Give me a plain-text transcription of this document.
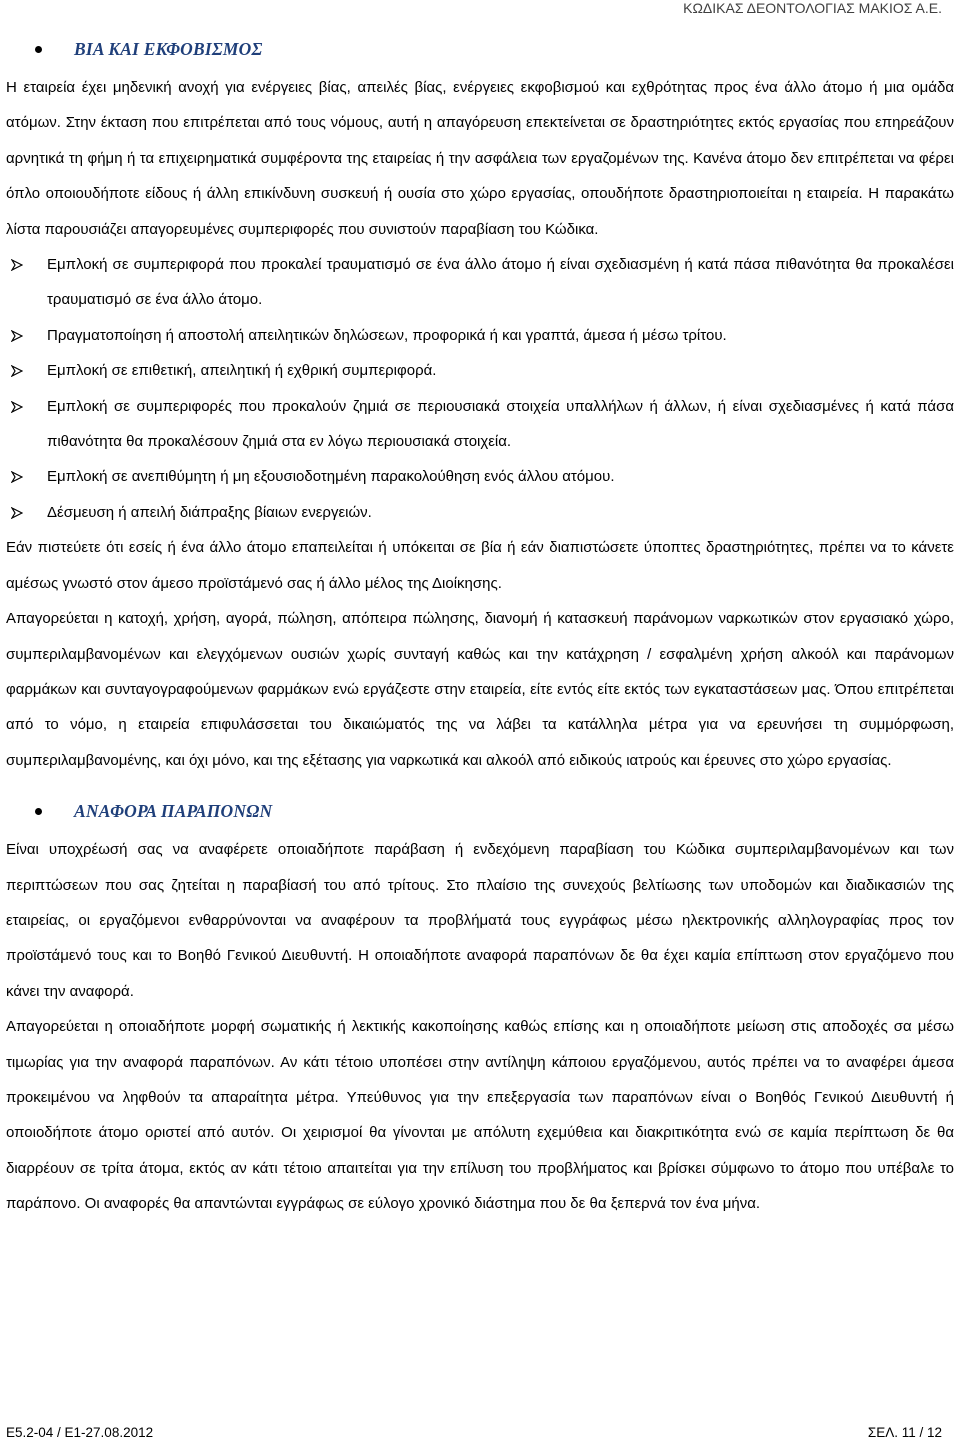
ΚΩΔΙΚΑΣ ΔΕΟΝΤΟΛΟΓΙΑΣ ΜΑΚΙΟΣ Α.Ε.
ΒΙΑ ΚΑΙ ΕΚΦΟΒΙΣΜΟΣ

Η εταιρεία έχει μηδενική ανοχή για ενέργειες βίας, απειλές βίας, ενέργειες εκφοβισμού και εχθρότητας προς ένα άλλο άτομο ή μια ομάδα ατόμων. Στην έκταση που επιτρέπεται από τους νόμους, αυτή η απαγόρευση επεκτείνεται σε δραστηριότητες εκτός εργασίας που επηρεάζουν αρνητικά τη φήμη ή τα επιχειρηματικά συμφέροντα της εταιρείας ή την ασφάλεια των εργαζομένων της. Κανένα άτομο δεν επιτρέπεται να φέρει όπλο οποιουδήποτε είδους ή άλλη επικίνδυνη συσκευή ή ουσία στο χώρο εργασίας, οπουδήποτε δραστηριοποιείται η εταιρεία. Η παρακάτω λίστα παρουσιάζει απαγορευμένες συμπεριφορές που συνιστούν παραβίαση του Κώδικα.

Εμπλοκή σε συμπεριφορά που προκαλεί τραυματισμό σε ένα άλλο άτομο ή είναι σχεδιασμένη ή κατά πάσα πιθανότητα θα προκαλέσει τραυματισμό σε ένα άλλο άτομο.
Πραγματοποίηση ή αποστολή απειλητικών δηλώσεων, προφορικά ή και γραπτά, άμεσα ή μέσω τρίτου.
Εμπλοκή σε επιθετική, απειλητική ή εχθρική συμπεριφορά.
Εμπλοκή σε συμπεριφορές που προκαλούν ζημιά σε περιουσιακά στοιχεία υπαλλήλων ή άλλων, ή είναι σχεδιασμένες ή κατά πάσα πιθανότητα θα προκαλέσουν ζημιά στα εν λόγω περιουσιακά στοιχεία.
Εμπλοκή σε ανεπιθύμητη ή μη εξουσιοδοτημένη παρακολούθηση ενός άλλου ατόμου.
Δέσμευση ή απειλή διάπραξης βίαιων ενεργειών.

Εάν πιστεύετε ότι εσείς ή ένα άλλο άτομο επαπειλείται ή υπόκειται σε βία ή εάν διαπιστώσετε ύποπτες δραστηριότητες, πρέπει να το κάνετε αμέσως γνωστό στον άμεσο προϊστάμενό σας ή άλλο μέλος της Διοίκησης.

Απαγορεύεται η κατοχή, χρήση, αγορά, πώληση, απόπειρα πώλησης, διανομή ή κατασκευή παράνομων ναρκωτικών στον εργασιακό χώρο, συμπεριλαμβανομένων και ελεγχόμενων ουσιών χωρίς συνταγή καθώς και την κατάχρηση / εσφαλμένη χρήση αλκοόλ και παράνομων φαρμάκων και συνταγογραφούμενων φαρμάκων ενώ εργάζεστε στην εταιρεία, είτε εντός είτε εκτός των εγκαταστάσεων μας. Όπου επιτρέπεται από το νόμο, η εταιρεία επιφυλάσσεται του δικαιώματός της να λάβει τα κατάλληλα μέτρα για να ερευνήσει τη συμμόρφωση, συμπεριλαμβανομένης, και όχι μόνο, και της εξέτασης για ναρκωτικά και αλκοόλ από ειδικούς ιατρούς και έρευνες στο χώρο εργασίας.

ΑΝΑΦΟΡΑ ΠΑΡΑΠΟΝΩΝ

Είναι υποχρέωσή σας να αναφέρετε οποιαδήποτε παράβαση ή ενδεχόμενη παραβίαση του Κώδικα συμπεριλαμβανομένων και των περιπτώσεων που σας ζητείται η παραβίασή του από τρίτους. Στο πλαίσιο της συνεχούς βελτίωσης των υποδομών και διαδικασιών της εταιρείας, οι εργαζόμενοι ενθαρρύνονται να αναφέρουν τα προβλήματά τους εγγράφως μέσω ηλεκτρονικής αλληλογραφίας προς τον προϊστάμενό τους και το Βοηθό Γενικού Διευθυντή. Η οποιαδήποτε αναφορά παραπόνων δε θα έχει καμία επίπτωση στον εργαζόμενο που κάνει την αναφορά.

Απαγορεύεται η οποιαδήποτε μορφή σωματικής ή λεκτικής κακοποίησης καθώς επίσης και η οποιαδήποτε μείωση στις αποδοχές σα μέσω τιμωρίας για την αναφορά παραπόνων. Αν κάτι τέτοιο υποπέσει στην αντίληψη κάποιου εργαζόμενου, αυτός πρέπει να το αναφέρει άμεσα προκειμένου να ληφθούν τα απαραίτητα μέτρα. Υπεύθυνος για την επεξεργασία των παραπόνων είναι ο Βοηθός Γενικού Διευθυντή ή οποιοδήποτε άτομο οριστεί από αυτόν. Οι χειρισμοί θα γίνονται με απόλυτη εχεμύθεια και διακριτικότητα ενώ σε καμία περίπτωση δε θα διαρρέουν σε τρίτα άτομα, εκτός αν κάτι τέτοιο απαιτείται για την επίλυση του προβλήματος και βρίσκει σύμφωνο το άτομο που υπέβαλε το παράπονο. Οι αναφορές θα απαντώνται εγγράφως σε εύλογο χρονικό διάστημα που δε θα ξεπερνά τον ένα μήνα.

Ε5.2-04 / Ε1-27.08.2012	ΣΕΛ. 11 / 12
